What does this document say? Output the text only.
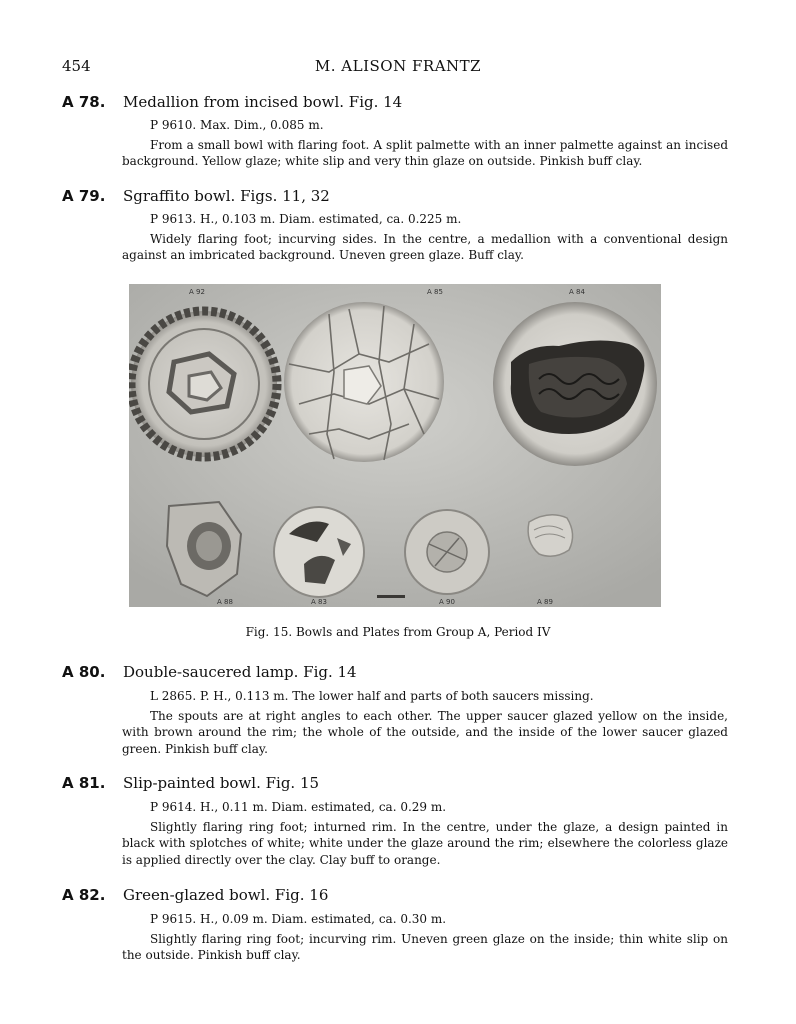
454	M. ALISON FRANTZ
A 78. Medallion from incised bowl. Fig. 14
P 9610. Max. Dim., 0.085 m.

From a small bowl with flaring foot. A split palmette with an inner palmette against an incised background. Yellow glaze; white slip and very thin glaze on outside. Pinkish buff clay.

A 79. Sgraffito bowl. Figs. 11, 32
P 9613. H., 0.103 m. Diam. estimated, ca. 0.225 m.

Widely flaring foot; incurving sides. In the centre, a medallion with a conventional design against an imbricated background. Uneven green glaze. Buff clay.

A 92	A 85	A 84
A 88	A 83	A 90	A 89
Fig. 15. Bowls and Plates from Group A, Period IV
A 80. Double-saucered lamp. Fig. 14
L 2865. P. H., 0.113 m. The lower half and parts of both saucers missing.

The spouts are at right angles to each other. The upper saucer glazed yellow on the inside, with brown around the rim; the whole of the outside, and the inside of the lower saucer glazed green. Pinkish buff clay.

A 81. Slip-painted bowl. Fig. 15
P 9614. H., 0.11 m. Diam. estimated, ca. 0.29 m.

Slightly flaring ring foot; inturned rim. In the centre, under the glaze, a design painted in black with splotches of white; white under the glaze around the rim; elsewhere the colorless glaze is applied directly over the clay. Clay buff to orange.

A 82. Green-glazed bowl. Fig. 16
P 9615. H., 0.09 m. Diam. estimated, ca. 0.30 m.

Slightly flaring ring foot; incurving rim. Uneven green glaze on the inside; thin white slip on the outside. Pinkish buff clay.
